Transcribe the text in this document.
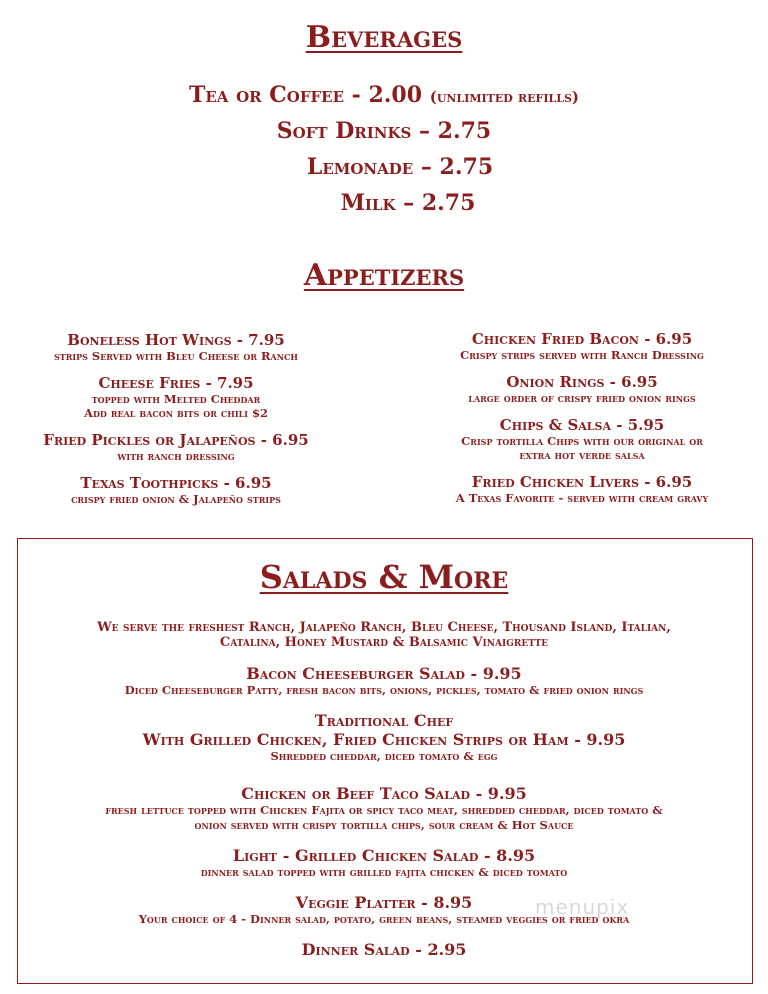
Beverages
Tea or Coffee - 2.00 (unlimited refills)
Soft Drinks – 2.75
Lemonade – 2.75
Milk – 2.75
Appetizers

Boneless Hot Wings - 7.95

strips Served with Bleu Cheese or Ranch

Cheese Fries - 7.95

topped with Melted Cheddar

Add real bacon bits or chili $2

Fried Pickles or Jalapeños - 6.95

with ranch dressing

Texas Toothpicks - 6.95

crispy fried onion & Jalapeño strips

Chicken Fried Bacon - 6.95

Crispy strips served with Ranch Dressing

Onion Rings - 6.95

large order of crispy fried onion rings

Chips & Salsa - 5.95

Crisp tortilla Chips with our original or

extra hot verde salsa

Fried Chicken Livers - 6.95

A Texas Favorite - served with cream gravy

Salads & More

We serve the freshest Ranch, Jalapeño Ranch, Bleu Cheese, Thousand Island, Italian,

Catalina, Honey Mustard & Balsamic Vinaigrette

Bacon Cheeseburger Salad - 9.95

Diced Cheeseburger Patty, fresh bacon bits, onions, pickles, tomato & fried onion rings

Traditional Chef

With Grilled Chicken, Fried Chicken Strips or Ham - 9.95

Shredded cheddar, diced tomato & egg

Chicken or Beef Taco Salad - 9.95

fresh lettuce topped with Chicken Fajita or spicy taco meat, shredded cheddar, diced tomato &

onion served with crispy tortilla chips, sour cream & Hot Sauce

Light - Grilled Chicken Salad - 8.95

dinner salad topped with grilled fajita chicken & diced tomato

Veggie Platter - 8.95

Your choice of 4 - Dinner salad, potato, green beans, steamed veggies or fried okra

Dinner Salad - 2.95

menupix
